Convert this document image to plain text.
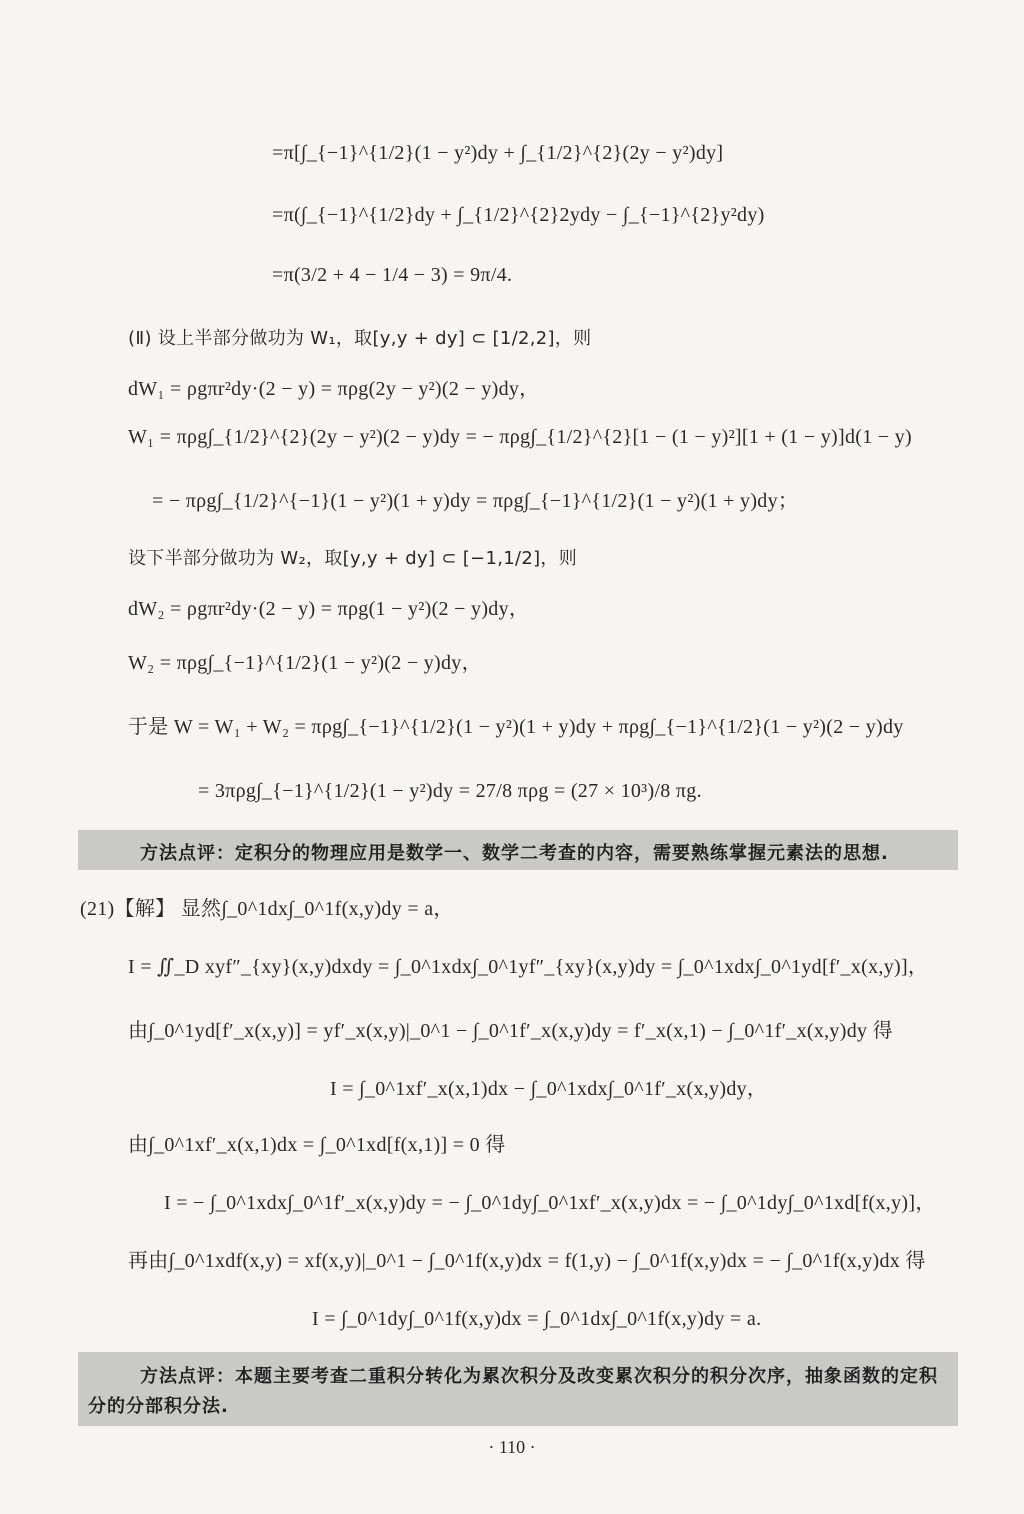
=π[∫_{−1}^{1/2}(1 − y²)dy + ∫_{1/2}^{2}(2y − y²)dy]
=π(∫_{−1}^{1/2}dy + ∫_{1/2}^{2}2ydy − ∫_{−1}^{2}y²dy)
=π(3/2 + 4 − 1/4 − 3) = 9π/4.
(Ⅱ) 设上半部分做功为 W₁，取[y,y + dy] ⊂ [1/2,2]，则
dW₁ = ρgπr²dy·(2 − y) = πρg(2y − y²)(2 − y)dy，
W₁ = πρg∫_{1/2}^{2}(2y − y²)(2 − y)dy = − πρg∫_{1/2}^{2}[1 − (1 − y)²][1 + (1 − y)]d(1 − y)
= − πρg∫_{1/2}^{−1}(1 − y²)(1 + y)dy = πρg∫_{−1}^{1/2}(1 − y²)(1 + y)dy；
设下半部分做功为 W₂，取[y,y + dy] ⊂ [−1,1/2]，则
dW₂ = ρgπr²dy·(2 − y) = πρg(1 − y²)(2 − y)dy，
W₂ = πρg∫_{−1}^{1/2}(1 − y²)(2 − y)dy，
于是 W = W₁ + W₂ = πρg∫_{−1}^{1/2}(1 − y²)(1 + y)dy + πρg∫_{−1}^{1/2}(1 − y²)(2 − y)dy
= 3πρg∫_{−1}^{1/2}(1 − y²)dy = 27/8 πρg = (27 × 10³)/8 πg.
方法点评：定积分的物理应用是数学一、数学二考查的内容，需要熟练掌握元素法的思想.
(21)【解】 显然∫_0^1dx∫_0^1f(x,y)dy = a，
I = ∬_D xyf″_{xy}(x,y)dxdy = ∫_0^1xdx∫_0^1yf″_{xy}(x,y)dy = ∫_0^1xdx∫_0^1yd[f′_x(x,y)]，
由∫_0^1yd[f′_x(x,y)] = yf′_x(x,y)|_0^1 − ∫_0^1f′_x(x,y)dy = f′_x(x,1) − ∫_0^1f′_x(x,y)dy 得
I = ∫_0^1xf′_x(x,1)dx − ∫_0^1xdx∫_0^1f′_x(x,y)dy，
由∫_0^1xf′_x(x,1)dx = ∫_0^1xd[f(x,1)] = 0 得
I = − ∫_0^1xdx∫_0^1f′_x(x,y)dy = − ∫_0^1dy∫_0^1xf′_x(x,y)dx = − ∫_0^1dy∫_0^1xd[f(x,y)]，
再由∫_0^1xdf(x,y) = xf(x,y)|_0^1 − ∫_0^1f(x,y)dx = f(1,y) − ∫_0^1f(x,y)dx = − ∫_0^1f(x,y)dx 得
I = ∫_0^1dy∫_0^1f(x,y)dx = ∫_0^1dx∫_0^1f(x,y)dy = a.
方法点评：本题主要考查二重积分转化为累次积分及改变累次积分的积分次序，抽象函数的定积分的分部积分法.
· 110 ·
